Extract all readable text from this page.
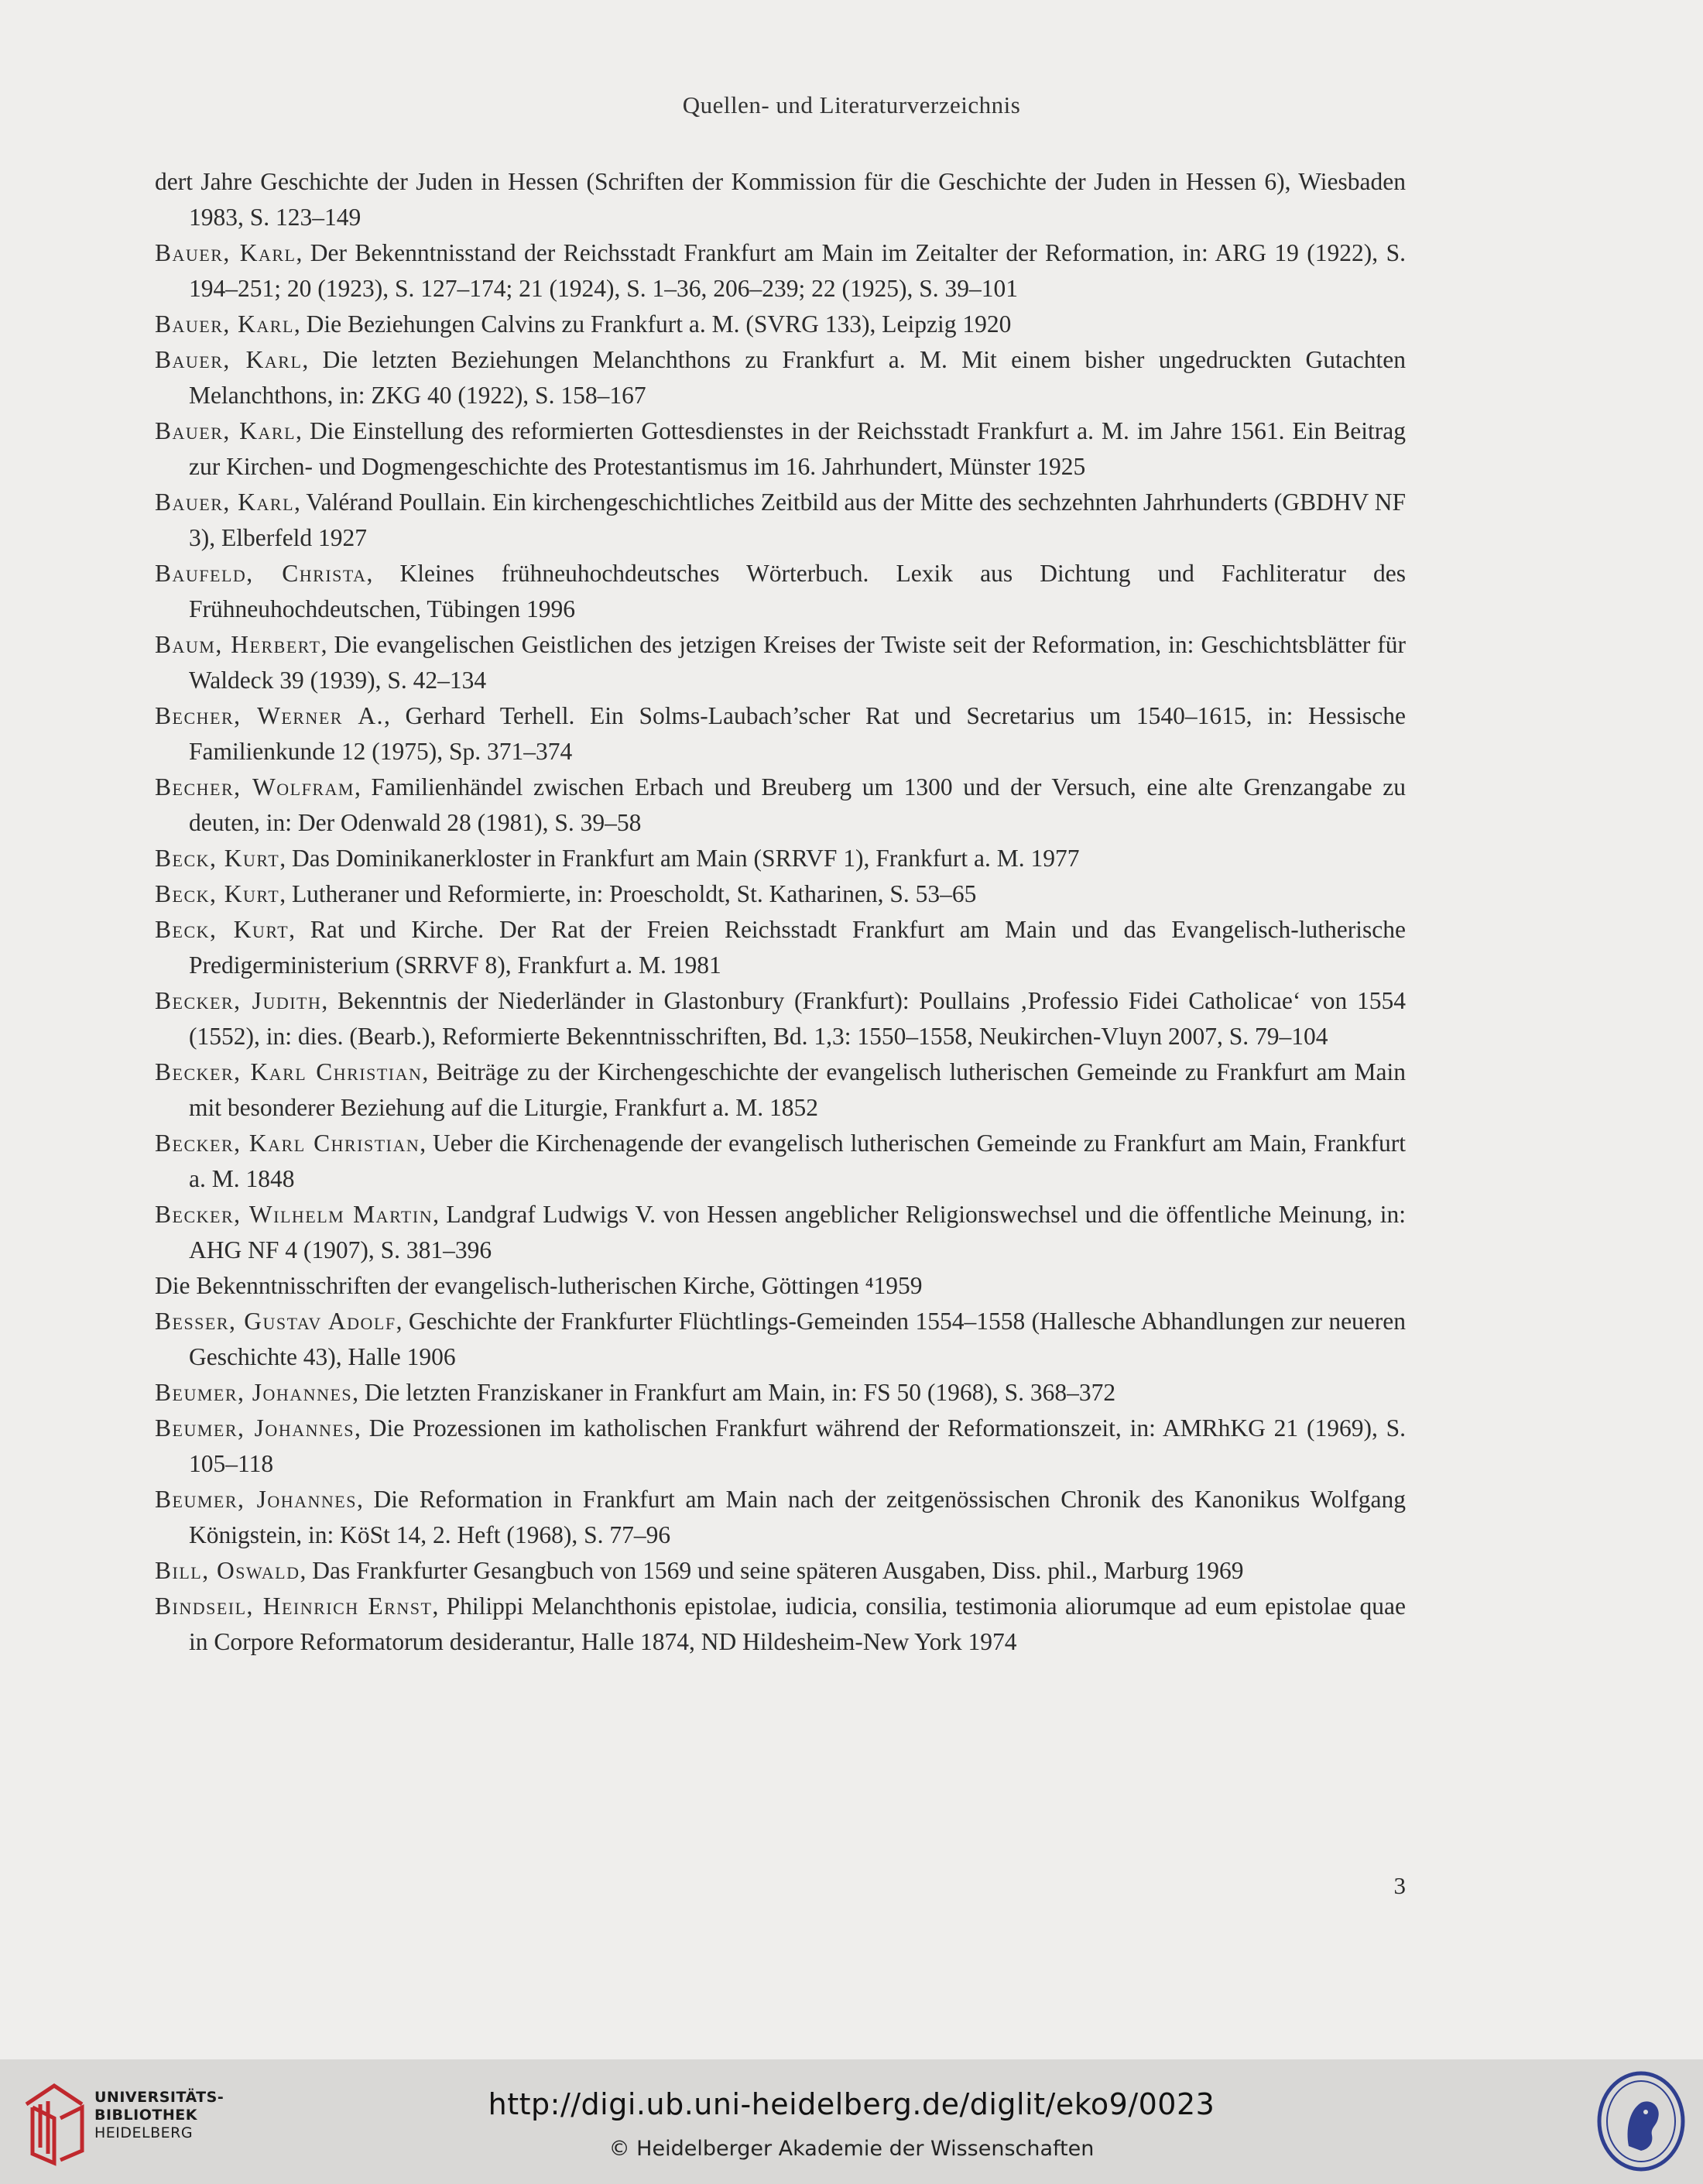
Quellen- und Literaturverzeichnis
dert Jahre Geschichte der Juden in Hessen (Schriften der Kommission für die Geschichte der Juden in Hessen 6), Wiesbaden 1983, S. 123–149
Bauer, Karl, Der Bekenntnisstand der Reichsstadt Frankfurt am Main im Zeitalter der Reformation, in: ARG 19 (1922), S. 194–251; 20 (1923), S. 127–174; 21 (1924), S. 1–36, 206–239; 22 (1925), S. 39–101
Bauer, Karl, Die Beziehungen Calvins zu Frankfurt a. M. (SVRG 133), Leipzig 1920
Bauer, Karl, Die letzten Beziehungen Melanchthons zu Frankfurt a. M. Mit einem bisher ungedruckten Gutachten Melanchthons, in: ZKG 40 (1922), S. 158–167
Bauer, Karl, Die Einstellung des reformierten Gottesdienstes in der Reichsstadt Frankfurt a. M. im Jahre 1561. Ein Beitrag zur Kirchen- und Dogmengeschichte des Protestantismus im 16. Jahrhundert, Münster 1925
Bauer, Karl, Valérand Poullain. Ein kirchengeschichtliches Zeitbild aus der Mitte des sechzehnten Jahrhunderts (GBDHV NF 3), Elberfeld 1927
Baufeld, Christa, Kleines frühneuhochdeutsches Wörterbuch. Lexik aus Dichtung und Fachliteratur des Frühneuhochdeutschen, Tübingen 1996
Baum, Herbert, Die evangelischen Geistlichen des jetzigen Kreises der Twiste seit der Reformation, in: Geschichtsblätter für Waldeck 39 (1939), S. 42–134
Becher, Werner A., Gerhard Terhell. Ein Solms-Laubach’scher Rat und Secretarius um 1540–1615, in: Hessische Familienkunde 12 (1975), Sp. 371–374
Becher, Wolfram, Familienhändel zwischen Erbach und Breuberg um 1300 und der Versuch, eine alte Grenzangabe zu deuten, in: Der Odenwald 28 (1981), S. 39–58
Beck, Kurt, Das Dominikanerkloster in Frankfurt am Main (SRRVF 1), Frankfurt a. M. 1977
Beck, Kurt, Lutheraner und Reformierte, in: Proescholdt, St. Katharinen, S. 53–65
Beck, Kurt, Rat und Kirche. Der Rat der Freien Reichsstadt Frankfurt am Main und das Evangelisch-lutherische Predigerministerium (SRRVF 8), Frankfurt a. M. 1981
Becker, Judith, Bekenntnis der Niederländer in Glastonbury (Frankfurt): Poullains ‚Professio Fidei Catholicae‘ von 1554 (1552), in: dies. (Bearb.), Reformierte Bekenntnisschriften, Bd. 1,3: 1550–1558, Neukirchen-Vluyn 2007, S. 79–104
Becker, Karl Christian, Beiträge zu der Kirchengeschichte der evangelisch lutherischen Gemeinde zu Frankfurt am Main mit besonderer Beziehung auf die Liturgie, Frankfurt a. M. 1852
Becker, Karl Christian, Ueber die Kirchenagende der evangelisch lutherischen Gemeinde zu Frankfurt am Main, Frankfurt a. M. 1848
Becker, Wilhelm Martin, Landgraf Ludwigs V. von Hessen angeblicher Religionswechsel und die öffentliche Meinung, in: AHG NF 4 (1907), S. 381–396
Die Bekenntnisschriften der evangelisch-lutherischen Kirche, Göttingen ⁴1959
Besser, Gustav Adolf, Geschichte der Frankfurter Flüchtlings-Gemeinden 1554–1558 (Hallesche Abhandlungen zur neueren Geschichte 43), Halle 1906
Beumer, Johannes, Die letzten Franziskaner in Frankfurt am Main, in: FS 50 (1968), S. 368–372
Beumer, Johannes, Die Prozessionen im katholischen Frankfurt während der Reformationszeit, in: AMRhKG 21 (1969), S. 105–118
Beumer, Johannes, Die Reformation in Frankfurt am Main nach der zeitgenössischen Chronik des Kanonikus Wolfgang Königstein, in: KöSt 14, 2. Heft (1968), S. 77–96
Bill, Oswald, Das Frankfurter Gesangbuch von 1569 und seine späteren Ausgaben, Diss. phil., Marburg 1969
Bindseil, Heinrich Ernst, Philippi Melanchthonis epistolae, iudicia, consilia, testimonia aliorumque ad eum epistolae quae in Corpore Reformatorum desiderantur, Halle 1874, ND Hildesheim-New York 1974
3
UNIVERSITÄTS-
BIBLIOTHEK
HEIDELBERG
http://digi.ub.uni-heidelberg.de/diglit/eko9/0023
© Heidelberger Akademie der Wissenschaften
